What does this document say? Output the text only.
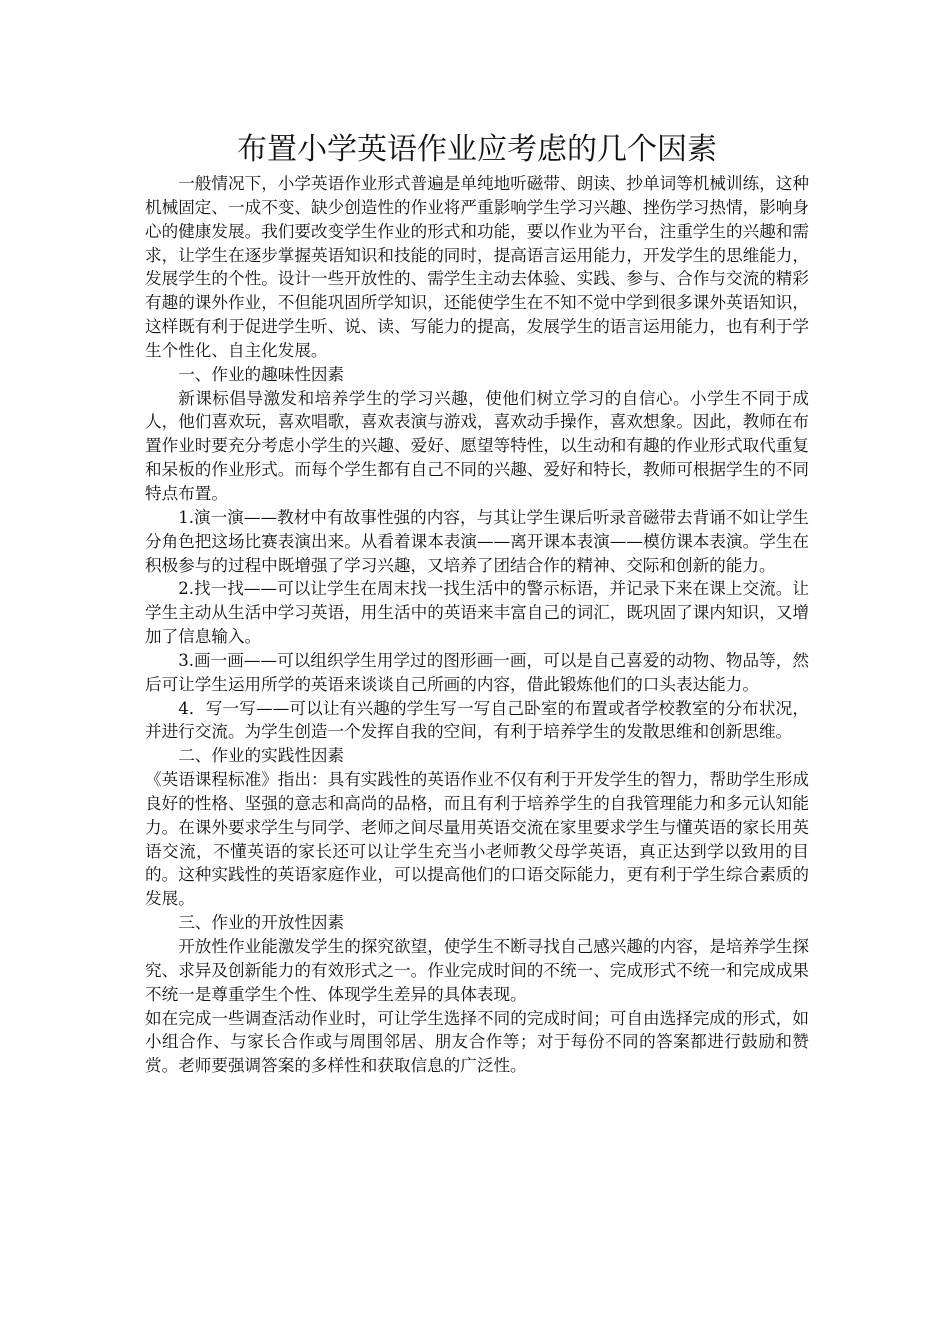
布置小学英语作业应考虑的几个因素

一般情况下，小学英语作业形式普遍是单纯地听磁带、朗读、抄单词等机械训练，这种机械固定、一成不变、缺少创造性的作业将严重影响学生学习兴趣、挫伤学习热情，影响身心的健康发展。我们要改变学生作业的形式和功能，要以作业为平台，注重学生的兴趣和需求，让学生在逐步掌握英语知识和技能的同时，提高语言运用能力，开发学生的思维能力，发展学生的个性。设计一些开放性的、需学生主动去体验、实践、参与、合作与交流的精彩有趣的课外作业，不但能巩固所学知识，还能使学生在不知不觉中学到很多课外英语知识，这样既有利于促进学生听、说、读、写能力的提高，发展学生的语言运用能力，也有利于学生个性化、自主化发展。

一、作业的趣味性因素

新课标倡导激发和培养学生的学习兴趣，使他们树立学习的自信心。小学生不同于成人，他们喜欢玩，喜欢唱歌，喜欢表演与游戏，喜欢动手操作，喜欢想象。因此，教师在布置作业时要充分考虑小学生的兴趣、爱好、愿望等特性，以生动和有趣的作业形式取代重复和呆板的作业形式。而每个学生都有自己不同的兴趣、爱好和特长，教师可根据学生的不同特点布置。

1.演一演——教材中有故事性强的内容，与其让学生课后听录音磁带去背诵不如让学生分角色把这场比赛表演出来。从看着课本表演——离开课本表演——模仿课本表演。学生在积极参与的过程中既增强了学习兴趣，又培养了团结合作的精神、交际和创新的能力。

2.找一找——可以让学生在周末找一找生活中的警示标语，并记录下来在课上交流。让学生主动从生活中学习英语，用生活中的英语来丰富自己的词汇，既巩固了课内知识，又增加了信息输入。

3.画一画——可以组织学生用学过的图形画一画，可以是自己喜爱的动物、物品等，然后可让学生运用所学的英语来谈谈自己所画的内容，借此锻炼他们的口头表达能力。

4．写一写——可以让有兴趣的学生写一写自己卧室的布置或者学校教室的分布状况，并进行交流。为学生创造一个发挥自我的空间，有利于培养学生的发散思维和创新思维。

二、作业的实践性因素

《英语课程标准》指出：具有实践性的英语作业不仅有利于开发学生的智力，帮助学生形成良好的性格、坚强的意志和高尚的品格，而且有利于培养学生的自我管理能力和多元认知能力。在课外要求学生与同学、老师之间尽量用英语交流在家里要求学生与懂英语的家长用英语交流，不懂英语的家长还可以让学生充当小老师教父母学英语，真正达到学以致用的目的。这种实践性的英语家庭作业，可以提高他们的口语交际能力，更有利于学生综合素质的发展。

三、作业的开放性因素

开放性作业能激发学生的探究欲望，使学生不断寻找自己感兴趣的内容，是培养学生探究、求异及创新能力的有效形式之一。作业完成时间的不统一、完成形式不统一和完成成果不统一是尊重学生个性、体现学生差异的具体表现。

如在完成一些调查活动作业时，可让学生选择不同的完成时间；可自由选择完成的形式，如小组合作、与家长合作或与周围邻居、朋友合作等；对于每份不同的答案都进行鼓励和赞赏。老师要强调答案的多样性和获取信息的广泛性。
